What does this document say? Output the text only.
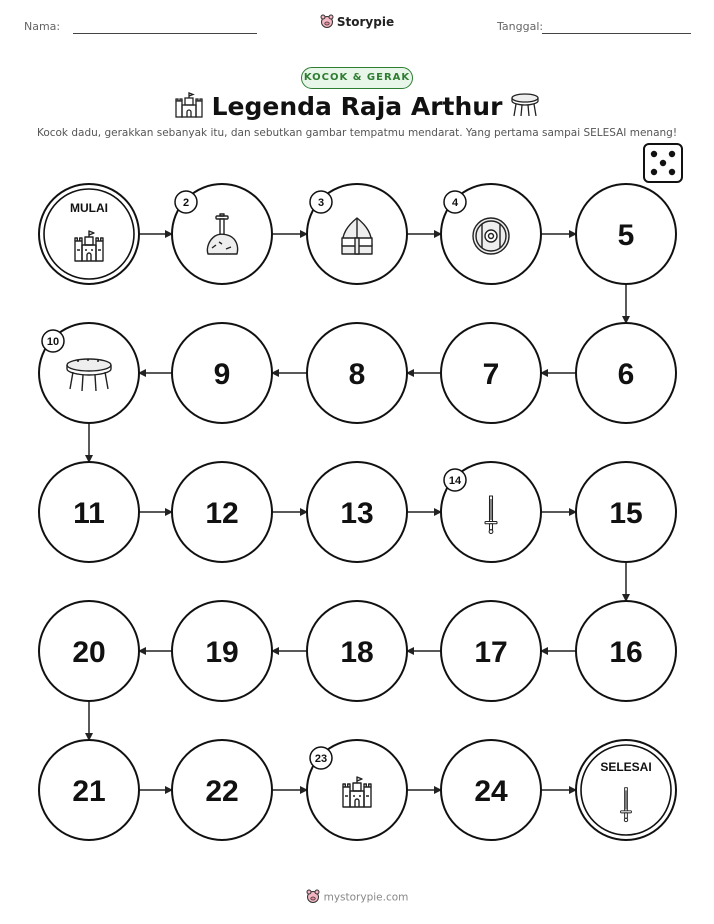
Nama:	Storypie	Tanggal:
KOCOK & GERAK
Legenda Raja Arthur
Kocok dadu, gerakkan sebanyak itu, dan sebutkan gambar tempatmu mendarat. Yang pertama sampai SELESAI menang!
MULAI	2	3	4
5
6
7
8
9
10
11	12	13
14
15
16
17
18
19
20
21	22
23
24
SELESAI
mystorypie.com
